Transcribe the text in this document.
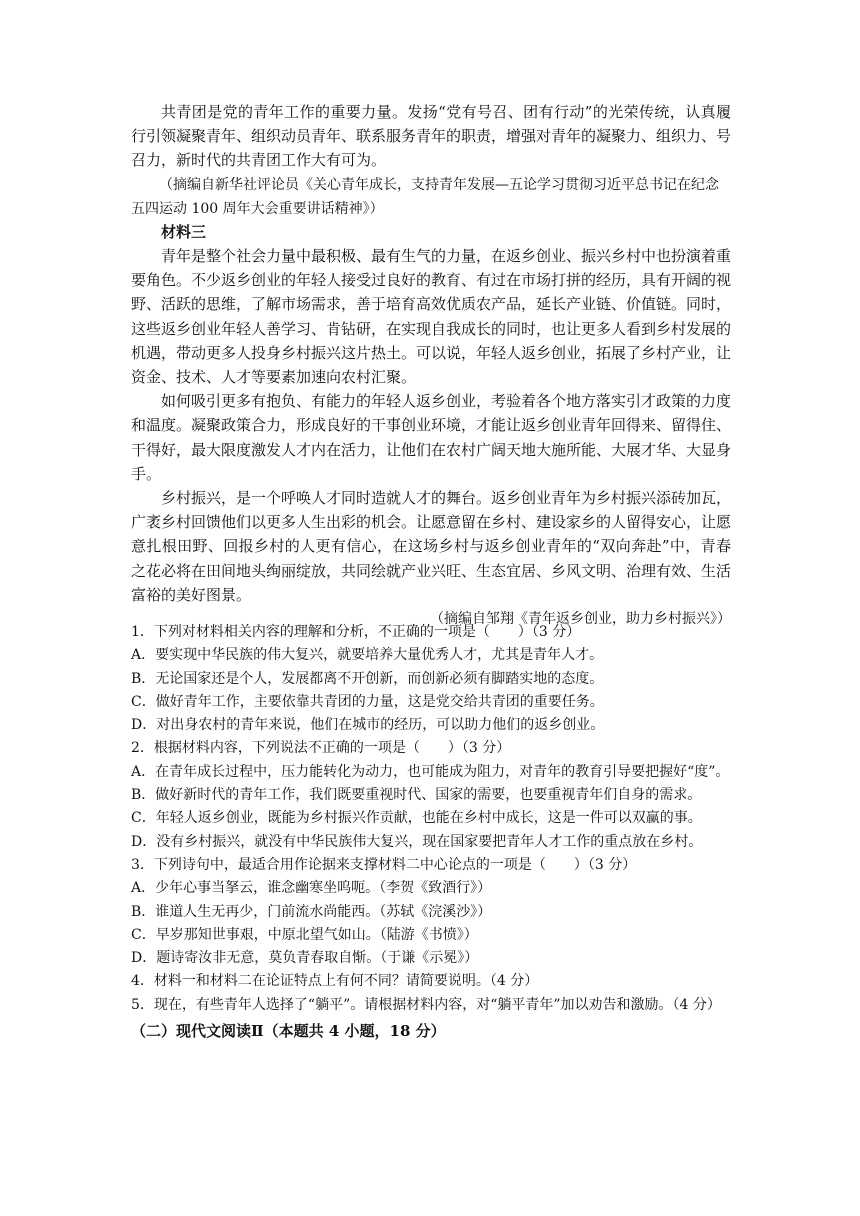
共青团是党的青年工作的重要力量。发扬“党有号召、团有行动”的光荣传统，认真履行引领凝聚青年、组织动员青年、联系服务青年的职责，增强对青年的凝聚力、组织力、号召力，新时代的共青团工作大有可为。

（摘编自新华社评论员《关心青年成长，支持青年发展—五论学习贯彻习近平总书记在纪念五四运动 100 周年大会重要讲话精神》）

材料三

青年是整个社会力量中最积极、最有生气的力量，在返乡创业、振兴乡村中也扮演着重要角色。不少返乡创业的年轻人接受过良好的教育、有过在市场打拼的经历，具有开阔的视野、活跃的思维，了解市场需求，善于培育高效优质农产品，延长产业链、价值链。同时，这些返乡创业年轻人善学习、肯钻研，在实现自我成长的同时，也让更多人看到乡村发展的机遇，带动更多人投身乡村振兴这片热土。可以说，年轻人返乡创业，拓展了乡村产业，让资金、技术、人才等要素加速向农村汇聚。

如何吸引更多有抱负、有能力的年轻人返乡创业，考验着各个地方落实引才政策的力度和温度。凝聚政策合力，形成良好的干事创业环境，才能让返乡创业青年回得来、留得住、干得好，最大限度激发人才内在活力，让他们在农村广阔天地大施所能、大展才华、大显身手。

乡村振兴，是一个呼唤人才同时造就人才的舞台。返乡创业青年为乡村振兴添砖加瓦，广袤乡村回馈他们以更多人生出彩的机会。让愿意留在乡村、建设家乡的人留得安心，让愿意扎根田野、回报乡村的人更有信心，在这场乡村与返乡创业青年的“双向奔赴”中，青春之花必将在田间地头绚丽绽放，共同绘就产业兴旺、生态宜居、乡风文明、治理有效、生活富裕的美好图景。

（摘编自邹翔《青年返乡创业，助力乡村振兴》）

1．下列对材料相关内容的理解和分析，不正确的一项是（　　）（3 分）

A．要实现中华民族的伟大复兴，就要培养大量优秀人才，尤其是青年人才。

B．无论国家还是个人，发展都离不开创新，而创新必须有脚踏实地的态度。

C．做好青年工作，主要依靠共青团的力量，这是党交给共青团的重要任务。

D．对出身农村的青年来说，他们在城市的经历，可以助力他们的返乡创业。

2．根据材料内容，下列说法不正确的一项是（　　）（3 分）

A．在青年成长过程中，压力能转化为动力，也可能成为阻力，对青年的教育引导要把握好“度”。

B．做好新时代的青年工作，我们既要重视时代、国家的需要，也要重视青年们自身的需求。

C．年轻人返乡创业，既能为乡村振兴作贡献，也能在乡村中成长，这是一件可以双赢的事。

D．没有乡村振兴，就没有中华民族伟大复兴，现在国家要把青年人才工作的重点放在乡村。

3．下列诗句中，最适合用作论据来支撑材料二中心论点的一项是（　　）（3 分）

A．少年心事当拏云，谁念幽寒坐呜呃。（李贺《致酒行》）

B．谁道人生无再少，门前流水尚能西。（苏轼《浣溪沙》）

C．早岁那知世事艰，中原北望气如山。（陆游《书愤》）

D．题诗寄汝非无意，莫负青春取自惭。（于谦《示冕》）

4．材料一和材料二在论证特点上有何不同？请简要说明。（4 分）

5．现在，有些青年人选择了“躺平”。请根据材料内容，对“躺平青年”加以劝告和激励。（4 分）

（二）现代文阅读Ⅱ（本题共 4 小题，18 分）
